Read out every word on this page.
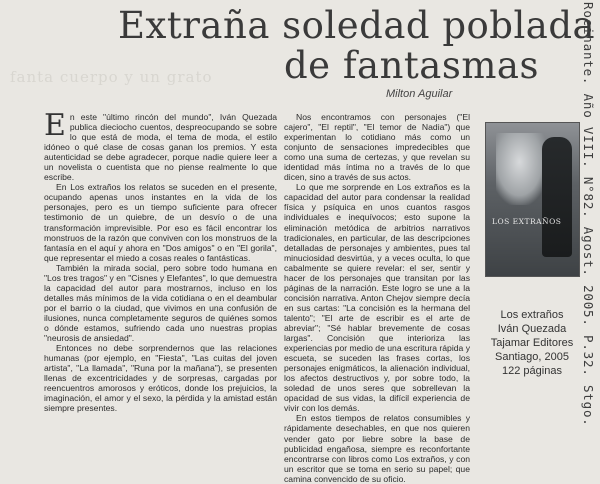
fanta cuerpo y un grato
Extraña soledad poblada
de fantasmas
Milton Aguilar

En este "último rincón del mundo", Iván Quezada publica dieciocho cuentos, despreocupando se sobre lo que está de moda, el tema de moda, el estilo idóneo o qué clase de cosas ganan los premios. Y esta autenticidad se debe agradecer, porque nadie quiere leer a un novelista o cuentista que no piense realmente lo que escribe.

En Los extraños los relatos se suceden en el presente, ocupando apenas unos instantes en la vida de los personajes, pero es un tiempo suficiente para ofrecer testimonio de un quiebre, de un desvío o de una transformación imprevisible. Por eso es fácil encontrar los monstruos de la razón que conviven con los monstruos de la fantasía en el aquí y ahora en "Dos amigos" o en "El gorila", que representar el miedo a cosas reales o fantásticas.

También la mirada social, pero sobre todo humana en "Los tres tragos" y en "Cisnes y Elefantes", lo que demuestra la capacidad del autor para mostrarnos, incluso en los detalles más mínimos de la vida cotidiana o en el deambular por el barrio o la ciudad, que vivimos en una confusión de ilusiones, nunca completamente seguros de quiénes somos o dónde estamos, sufriendo cada uno nuestras propias "neurosis de ansiedad".

Entonces no debe sorprendernos que las relaciones humanas (por ejemplo, en "Fiesta", "Las cuitas del joven artista", "La llamada", "Runa por la mañana"), se presenten llenas de excentricidades y de sorpresas, cargadas por reencuentros amorosos y eróticos, donde los prejuicios, la imaginación, el amor y el sexo, la pérdida y la amistad están siempre presentes.

Nos encontramos con personajes ("El cajero", "El reptil", "El temor de Nadia") que experimentan lo cotidiano más como un conjunto de sensaciones impredecibles que como una suma de certezas, y que revelan su identidad más íntima no a través de lo que dicen, sino a través de sus actos.

Lo que me sorprende en Los extraños es la capacidad del autor para condensar la realidad física y psíquica en unos cuantos rasgos individuales e inequívocos; esto supone la eliminación metódica de arbitrios narrativos tradicionales, en particular, de las descripciones detalladas de personajes y ambientes, pues tal minuciosidad desvirtúa, y a veces oculta, lo que cabalmente se quiere revelar: el ser, sentir y hacer de los personajes que transitan por las páginas de la narración. Este logro se une a la concisión narrativa. Anton Chejov siempre decía en sus cartas: "La concisión es la hermana del talento"; "El arte de escribir es el arte de abreviar"; "Sé hablar brevemente de cosas largas". Concisión que interioriza las experiencias por medio de una escritura rápida y escueta, se suceden las frases cortas, los personajes enigmáticos, la alienación individual, los afectos destructivos y, por sobre todo, la soledad de unos seres que sobrellevan la opacidad de sus vidas, la difícil experiencia de vivir con los demás.

En estos tiempos de relatos consumibles y rápidamente desechables, en que nos quieren vender gato por liebre sobre la base de publicidad engañosa, siempre es reconfortante encontrarse con libros como Los extraños, y con un escritor que se toma en serio su papel; que camina convencido de su oficio.

LOS EXTRAÑOS
Los extraños
Iván Quezada
Tajamar Editores
Santiago, 2005
122 páginas	Rocinante. Año VIII. N°82. Agost. 2005. P.32. Stgo.
